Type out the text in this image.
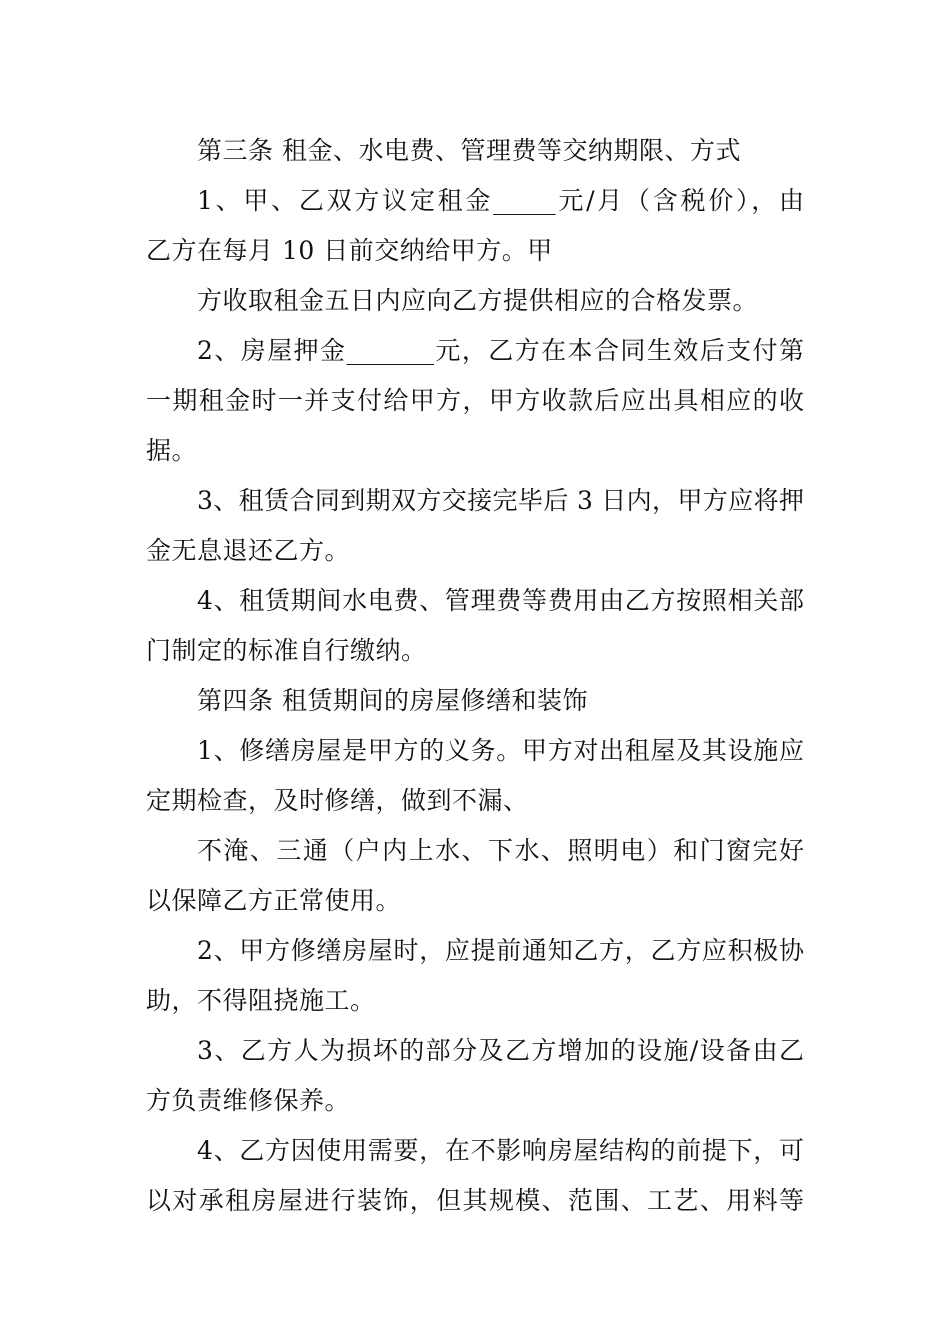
第三条 租金、水电费、管理费等交纳期限、方式
1、甲、乙双方议定租金_____元/月（含税价），由
乙方在每月 10 日前交纳给甲方。甲
方收取租金五日内应向乙方提供相应的合格发票。
2、房屋押金_______元，乙方在本合同生效后支付第
一期租金时一并支付给甲方，甲方收款后应出具相应的收
据。
3、租赁合同到期双方交接完毕后 3 日内，甲方应将押
金无息退还乙方。
4、租赁期间水电费、管理费等费用由乙方按照相关部
门制定的标准自行缴纳。
第四条 租赁期间的房屋修缮和装饰
1、修缮房屋是甲方的义务。甲方对出租屋及其设施应
定期检查，及时修缮，做到不漏、
不淹、三通（户内上水、下水、照明电）和门窗完好
以保障乙方正常使用。
2、甲方修缮房屋时，应提前通知乙方，乙方应积极协
助，不得阻挠施工。
3、乙方人为损坏的部分及乙方增加的设施/设备由乙
方负责维修保养。
4、乙方因使用需要，在不影响房屋结构的前提下，可
以对承租房屋进行装饰，但其规模、范围、工艺、用料等
